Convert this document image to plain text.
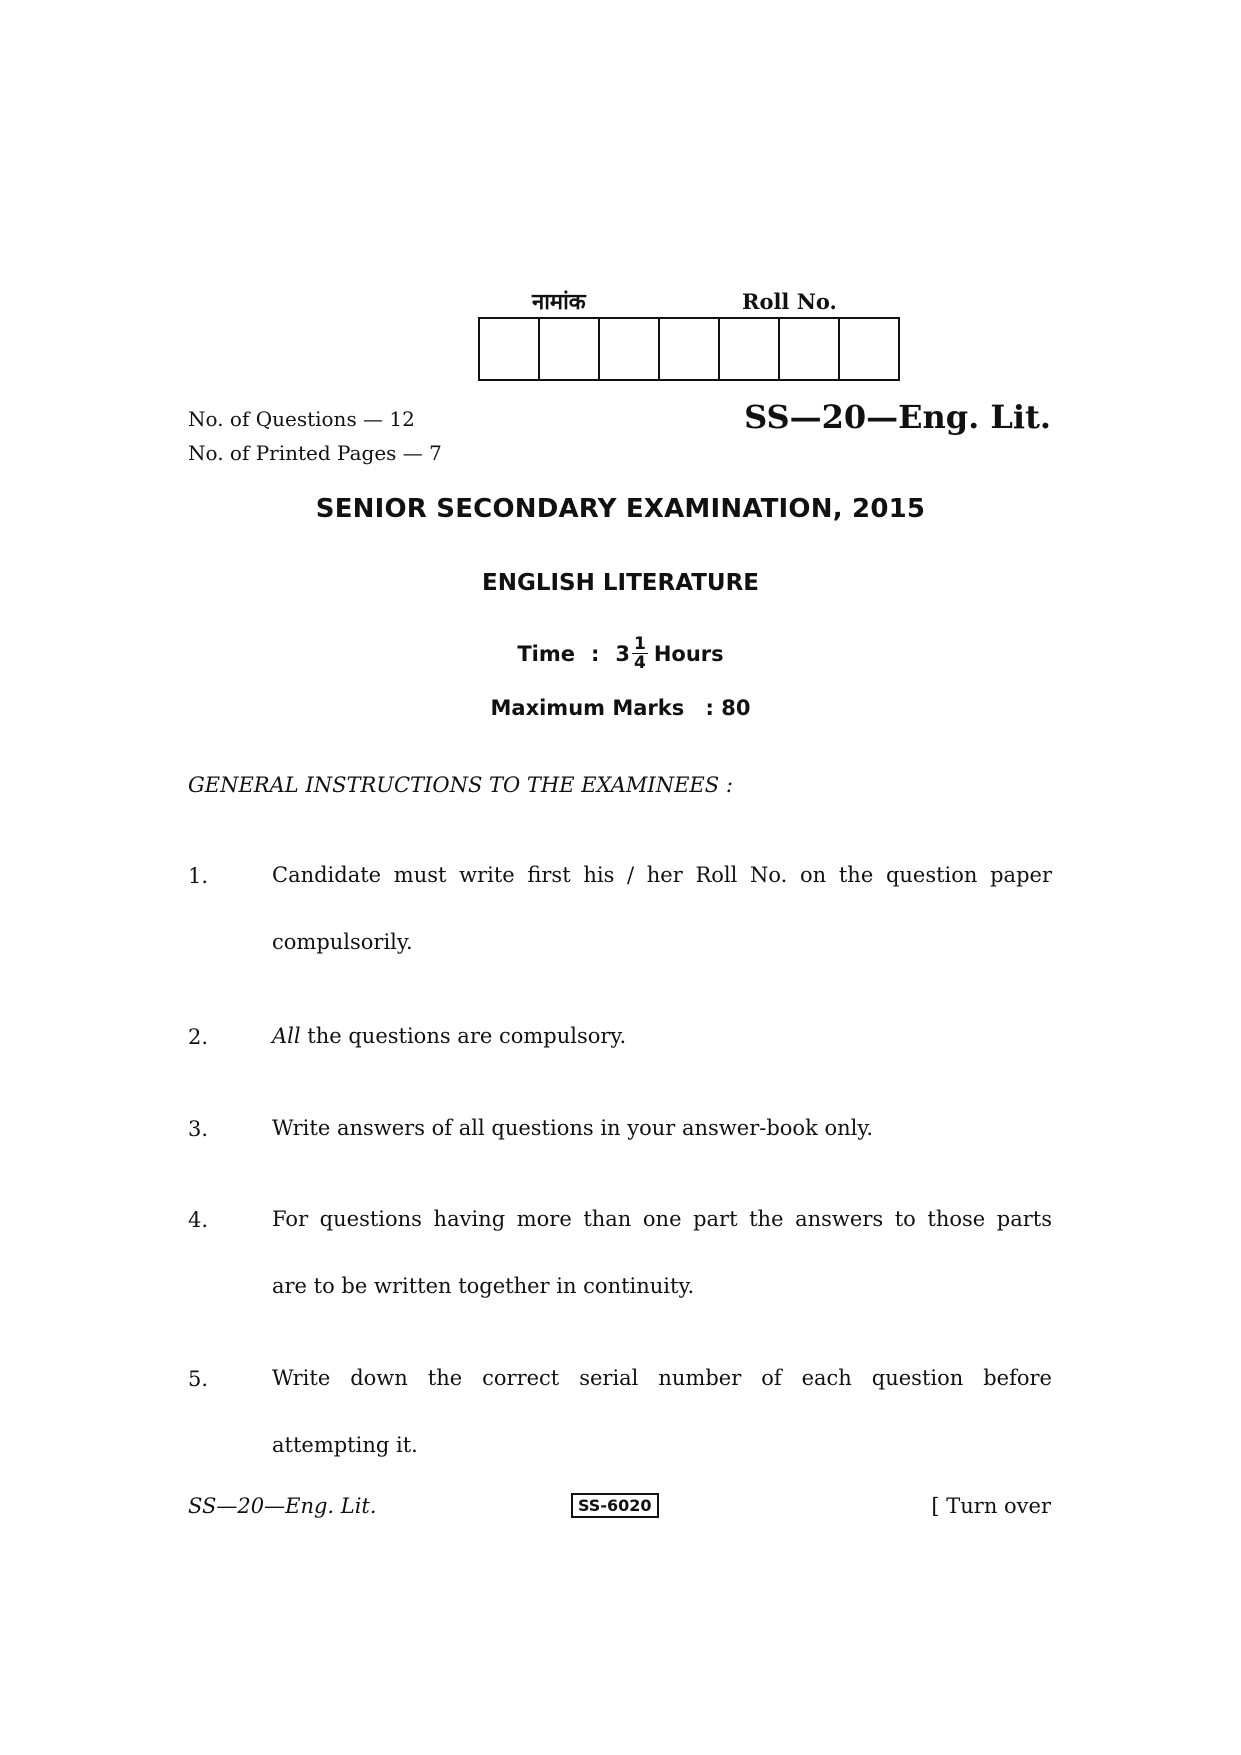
नामांक	Roll No.
No. of Questions — 12
No. of Printed Pages — 7
SS—20—Eng. Lit.
SENIOR SECONDARY EXAMINATION, 2015
ENGLISH LITERATURE
Time : $3 \frac{1}{4}$ Hours
Maximum Marks : 80
GENERAL INSTRUCTIONS TO THE EXAMINEES :
1.	Candidate must write first his / her Roll No. on the question paper
compulsorily.
2.	All the questions are compulsory.
3.	Write answers of all questions in your answer-book only.
4.	For questions having more than one part the answers to those parts
are to be written together in continuity.
5.	Write down the correct serial number of each question before
attempting it.
SS—20—Eng. Lit.	SS-6020	[ Turn over
